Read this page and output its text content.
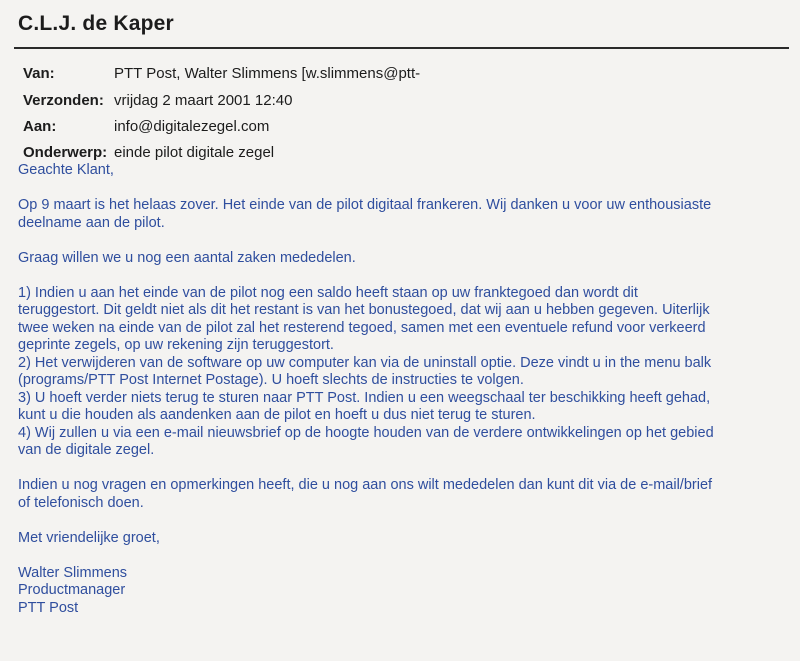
C.L.J. de Kaper
Van:	PTT Post, Walter Slimmens [w.slimmens@ptt-
Verzonden: vrijdag 2 maart 2001 12:40
Aan:	info@digitalezegel.com
Onderwerp: einde pilot digitale zegel

Geachte Klant,

Op 9 maart is het helaas zover. Het einde van de pilot digitaal frankeren. Wij danken u voor uw enthousiaste

deelname aan de pilot.

Graag willen we u nog een aantal zaken mededelen.

1) Indien u aan het einde van de pilot nog een saldo heeft staan op uw franktegoed dan wordt dit

teruggestort. Dit geldt niet als dit het restant is van het bonustegoed, dat wij aan u hebben gegeven. Uiterlijk

twee weken na einde van de pilot zal het resterend tegoed, samen met een eventuele refund voor verkeerd

geprinte zegels, op uw rekening zijn teruggestort.

2) Het verwijderen van de software op uw computer kan via de uninstall optie. Deze vindt u in the menu balk

(programs/PTT Post Internet Postage). U hoeft slechts de instructies te volgen.

3) U hoeft verder niets terug te sturen naar PTT Post. Indien u een weegschaal ter beschikking heeft gehad,

kunt u die houden als aandenken aan de pilot en hoeft u dus niet terug te sturen.

4) Wij zullen u via een e-mail nieuwsbrief op de hoogte houden van de verdere ontwikkelingen op het gebied

van de digitale zegel.

Indien u nog vragen en opmerkingen heeft, die u nog aan ons wilt mededelen dan kunt dit via de e-mail/brief

of telefonisch doen.

Met vriendelijke groet,

Walter Slimmens

Productmanager

PTT Post
